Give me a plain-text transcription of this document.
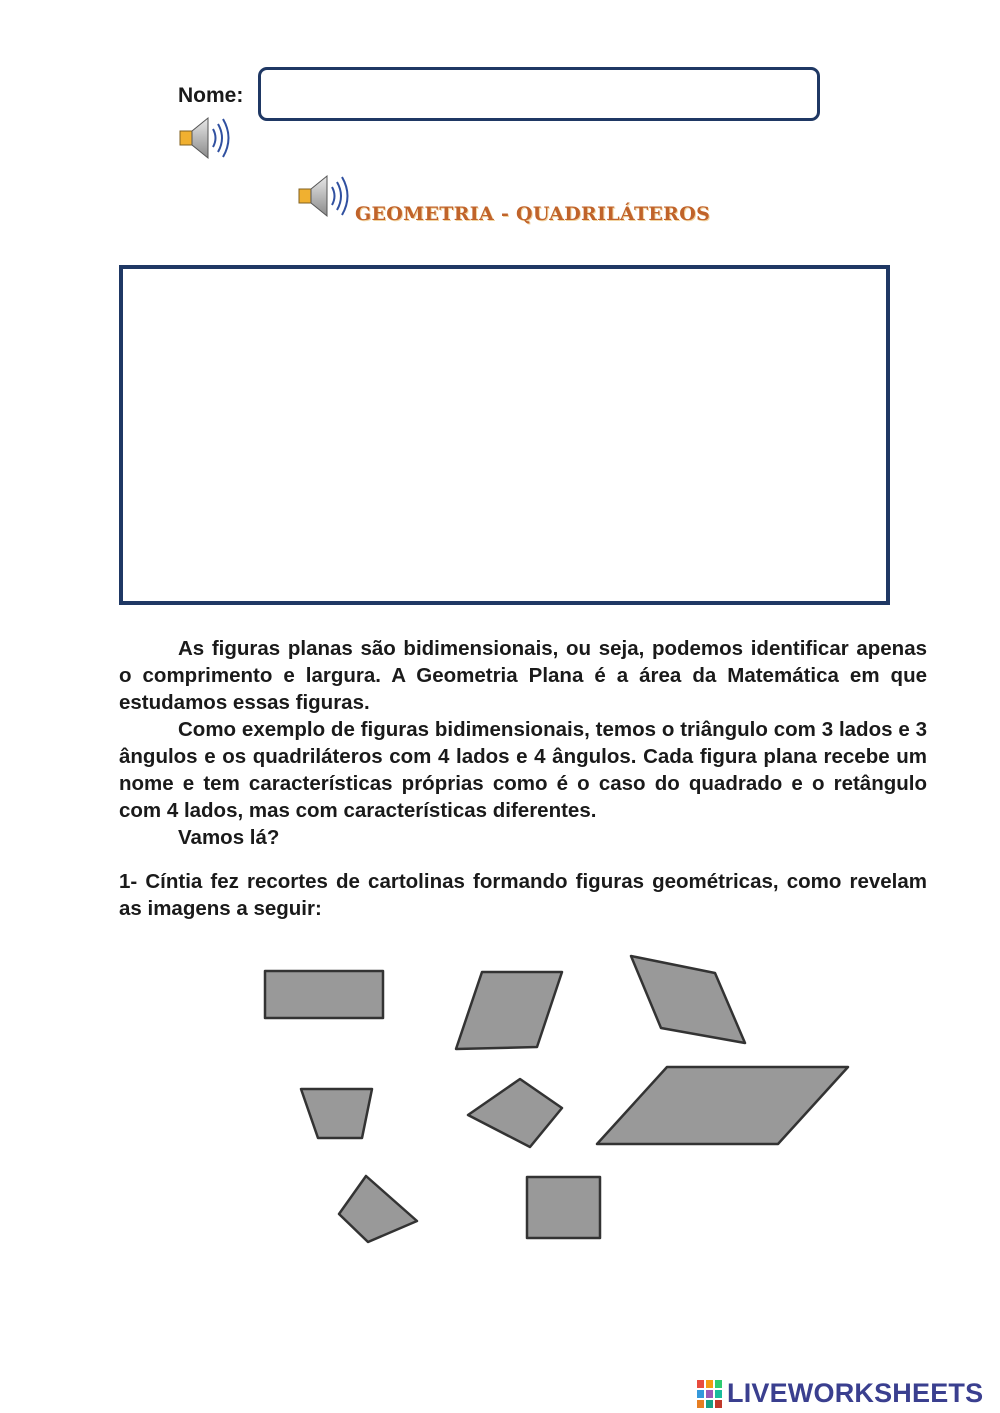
Nome:
GEOMETRIA - QUADRILÁTEROS

As figuras planas são bidimensionais, ou seja, podemos identificar apenas o comprimento e largura. A Geometria Plana é a área da Matemática em que estudamos essas figuras.

Como exemplo de figuras bidimensionais, temos o triângulo com 3 lados e 3 ângulos e os quadriláteros com 4 lados e 4 ângulos. Cada figura plana recebe um nome e tem características próprias como é o caso do quadrado e o retângulo com 4 lados, mas com características diferentes.

Vamos lá?

1- Cíntia fez recortes de cartolinas formando figuras geométricas, como revelam as imagens a seguir:

LIVEWORKSHEETS
